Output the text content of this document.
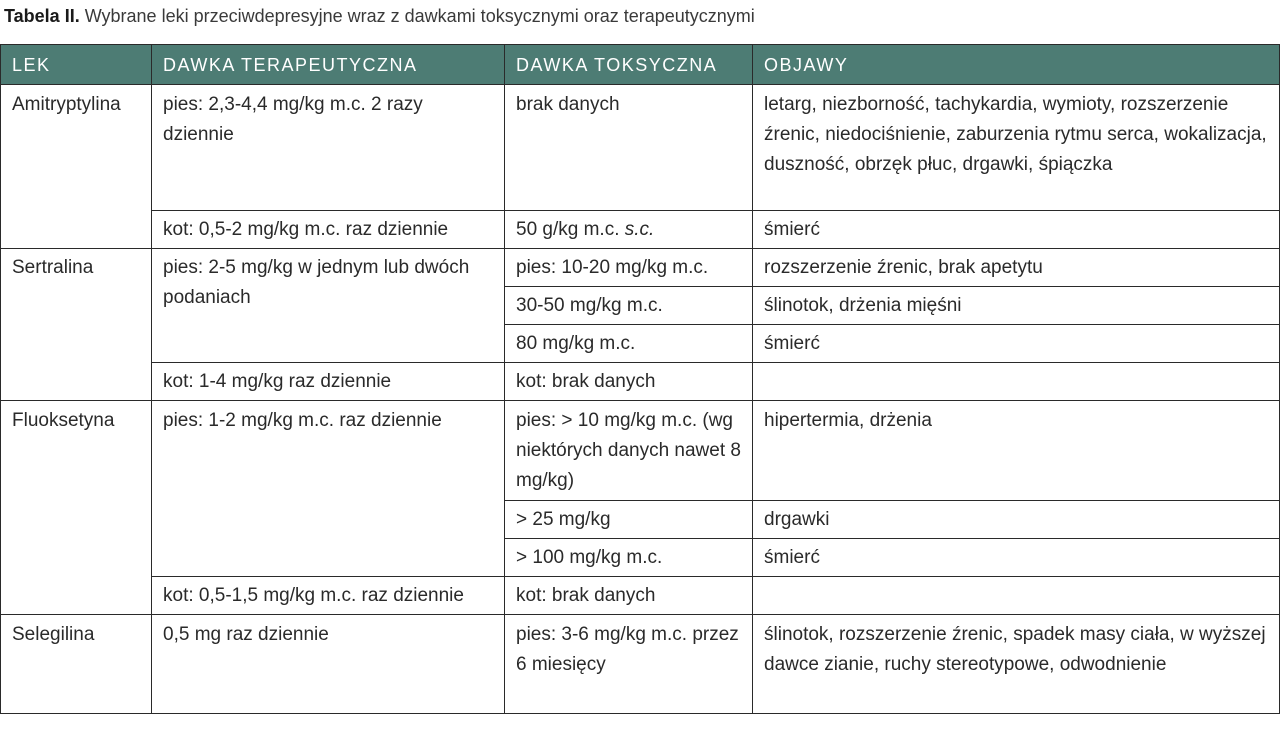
Tabela II. Wybrane leki przeciwdepresyjne wraz z dawkami toksycznymi oraz terapeutycznymi
LEK	DAWKA TERAPEUTYCZNA	DAWKA TOKSYCZNA	OBJAWY
Amitryptylina	pies: 2,3-4,4 mg/kg m.c. 2 razy dziennie	brak danych	letarg, niezborność, tachykardia, wymioty, rozszerzenie źrenic, niedociśnienie, zaburzenia rytmu serca, wokalizacja, duszność, obrzęk płuc, drgawki, śpiączka
	kot: 0,5-2 mg/kg m.c. raz dziennie	50 g/kg m.c. s.c.	śmierć
Sertralina	pies: 2-5 mg/kg w jednym lub dwóch podaniach	pies: 10-20 mg/kg m.c.	rozszerzenie źrenic, brak apetytu
		30-50 mg/kg m.c.	ślinotok, drżenia mięśni
		80 mg/kg m.c.	śmierć
	kot: 1-4 mg/kg raz dziennie	kot: brak danych	
Fluoksetyna	pies: 1-2 mg/kg m.c. raz dziennie	pies: > 10 mg/kg m.c. (wg niektórych danych nawet 8 mg/kg)	hipertermia, drżenia
		> 25 mg/kg	drgawki
		> 100 mg/kg m.c.	śmierć
	kot: 0,5-1,5 mg/kg m.c. raz dziennie	kot: brak danych	
Selegilina	0,5 mg raz dziennie	pies: 3-6 mg/kg m.c. przez 6 miesięcy	ślinotok, rozszerzenie źrenic, spadek masy ciała, w wyższej dawce zianie, ruchy stereotypowe, odwodnienie
